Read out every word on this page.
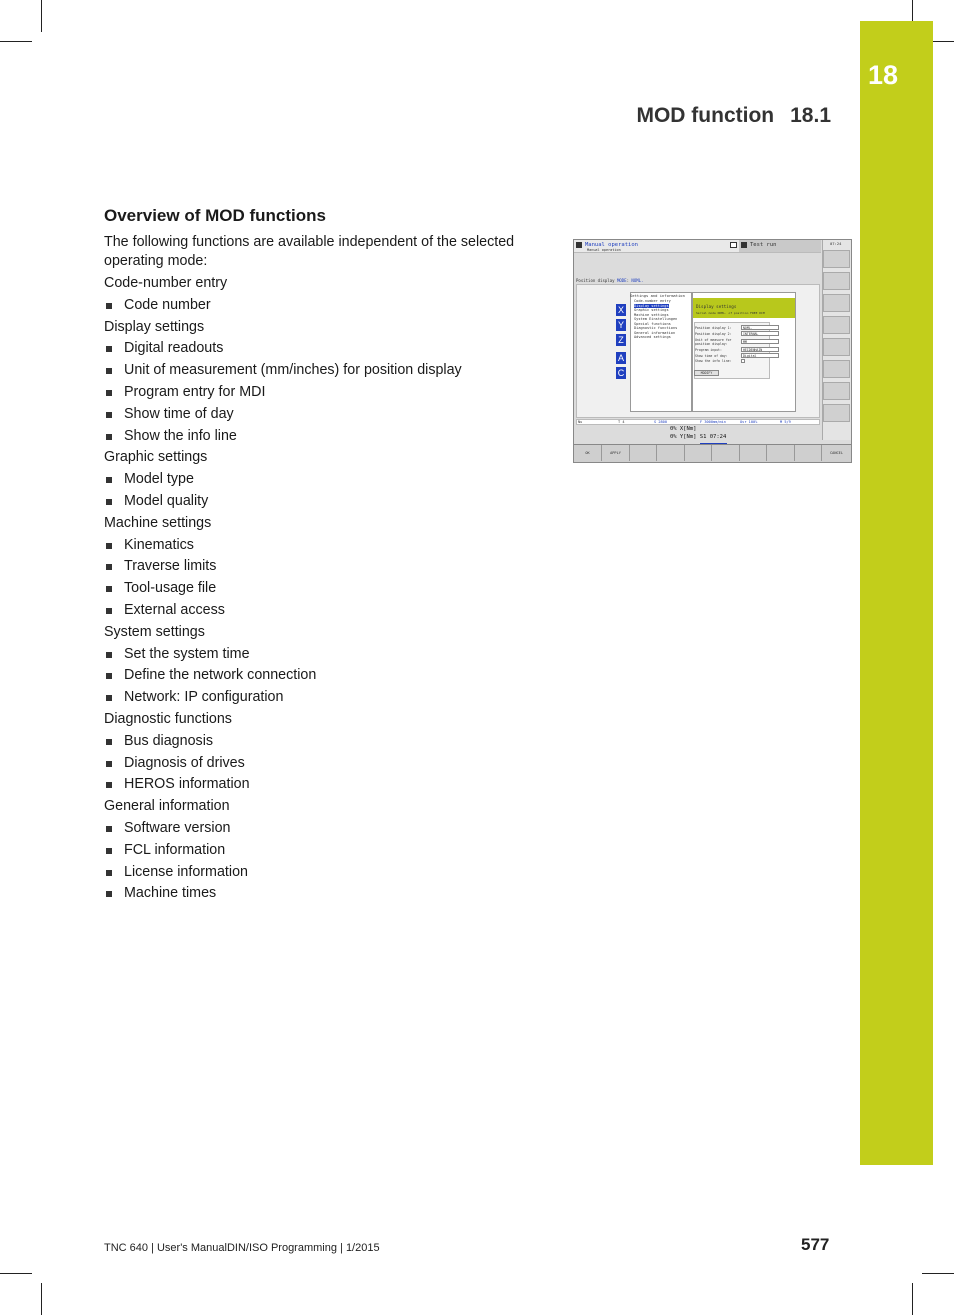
18
MOD function 18.1
Overview of MOD functions
The following functions are available independent of the selected operating mode:
Code-number entry
Code number
Display settings
Digital readouts
Unit of measurement (mm/inches) for position display
Program entry for MDI
Show time of day
Show the info line
Graphic settings
Model type
Model quality
Machine settings
Kinematics
Traverse limits
Tool-usage file
External access
System settings
Set the system time
Define the network connection
Network: IP configuration
Diagnostic functions
Bus diagnosis
Diagnosis of drives
HEROS information
General information
Software version
FCL information
License information
Machine times
Manual operation
Manual operation
Test run	07:24
Position display MODE: NOML.
X
Y
Z
A
C
Settings and information
Code-number entry
Display settings
Graphic settings
Machine settings
System Einstellungen
Special functions
Diagnostic functions
General information
Advanced settings
Display settings
Serial mode NOML. of position FREE DIM
Position display 1:	NOML.
Position display 2:	INTERNAL
Unit of measure for position display:	MM
Program input:	HEIDENHAIN
Show time of day:	Digital
Show the info line:
MODIFY
Nu	T 4	S 2800	F 3000mm/min	Ovr 100%	M 5/9
0% X[Nm]
0% Y[Nm] S1 07:24
OK	APPLY	CANCEL
TNC 640 | User's ManualDIN/ISO Programming | 1/2015	577
